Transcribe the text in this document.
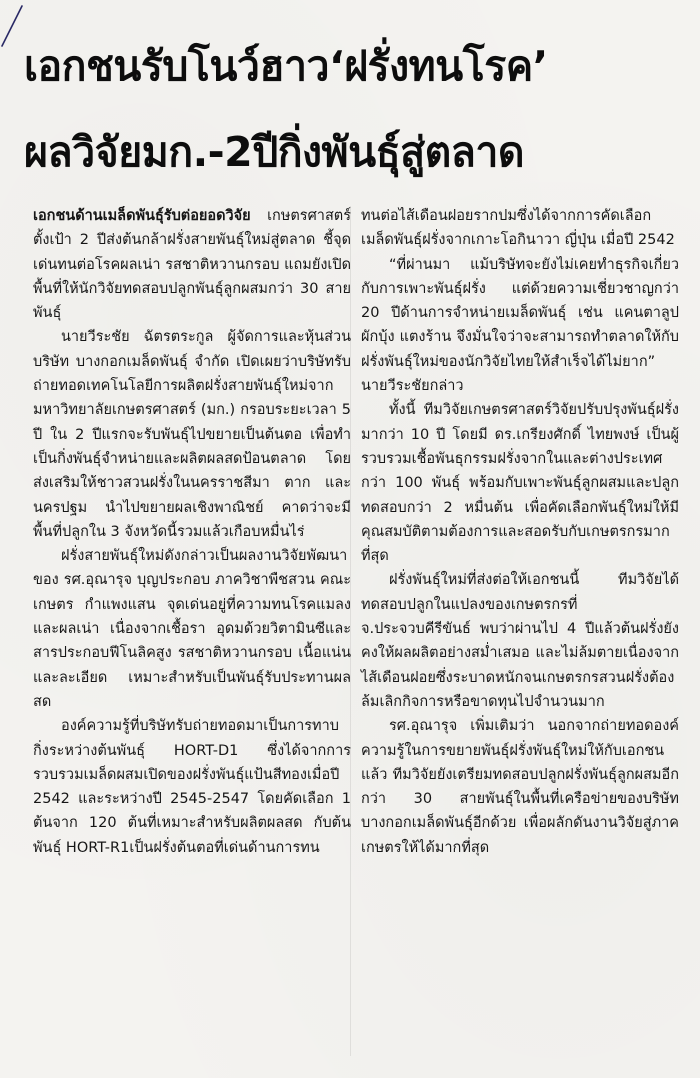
เอกชนรับโนว์ฮาว‘ฝรั่งทนโรค’
ผลวิจัยมก.-2ปีกิ่งพันธุ์สู่ตลาด

เอกชนด้านเมล็ดพันธุ์รับต่อยอดวิจัย เกษตรศาสตร์ ตั้งเป้า 2 ปีส่งต้นกล้าฝรั่งสายพันธุ์ใหม่สู่ตลาด ชี้จุดเด่นทนต่อโรคผลเน่า รสชาติหวานกรอบ แถมยังเปิดพื้นที่ให้นักวิจัยทดสอบปลูกพันธุ์ลูกผสมกว่า 30 สายพันธุ์

นายวีระชัย ฉัตรตระกูล ผู้จัดการและหุ้นส่วนบริษัท บางกอกเมล็ดพันธุ์ จำกัด เปิดเผยว่าบริษัทรับถ่ายทอดเทคโนโลยีการผลิตฝรั่งสายพันธุ์ใหม่จากมหาวิทยาลัยเกษตรศาสตร์ (มก.) กรอบระยะเวลา 5 ปี ใน 2 ปีแรกจะรับพันธุ์ไปขยายเป็นต้นตอ เพื่อทำเป็นกิ่งพันธุ์จำหน่ายและผลิตผลสดป้อนตลาด โดยส่งเสริมให้ชาวสวนฝรั่งในนครราชสีมา ตาก และนครปฐม นำไปขยายผลเชิงพาณิชย์ คาดว่าจะมีพื้นที่ปลูกใน 3 จังหวัดนี้รวมแล้วเกือบหมื่นไร่

ฝรั่งสายพันธุ์ใหม่ดังกล่าวเป็นผลงานวิจัยพัฒนาของ รศ.อุณารุจ บุญประกอบ ภาควิชาพืชสวน คณะเกษตร กำแพงแสน จุดเด่นอยู่ที่ความทนโรคแมลงและผลเน่า เนื่องจากเชื้อรา อุดมด้วยวิตามินซีและสารประกอบฟีโนลิคสูง รสชาติหวานกรอบ เนื้อแน่นและละเอียด เหมาะสำหรับเป็นพันธุ์รับประทานผลสด

องค์ความรู้ที่บริษัทรับถ่ายทอดมาเป็นการทาบกิ่งระหว่างต้นพันธุ์ HORT-D1 ซึ่งได้จากการรวบรวมเมล็ดผสมเปิดของฝรั่งพันธุ์แป้นสีทองเมื่อปี 2542 และระหว่างปี 2545-2547 โดยคัดเลือก 1 ต้นจาก 120 ต้นที่เหมาะสำหรับผลิตผลสด กับต้นพันธุ์ HORT-R1เป็นฝรั่งต้นตอที่เด่นด้านการทน

ทนต่อไส้เดือนฝอยรากปมซึ่งได้จากการคัดเลือกเมล็ดพันธุ์ฝรั่งจากเกาะโอกินาวา ญี่ปุ่น เมื่อปี 2542

“ที่ผ่านมา แม้บริษัทจะยังไม่เคยทำธุรกิจเกี่ยวกับการเพาะพันธุ์ฝรั่ง แต่ด้วยความเชี่ยวชาญกว่า 20 ปีด้านการจำหน่ายเมล็ดพันธุ์ เช่น แคนตาลูป ผักบุ้ง แตงร้าน จึงมั่นใจว่าจะสามารถทำตลาดให้กับฝรั่งพันธุ์ใหม่ของนักวิจัยไทยให้สำเร็จได้ไม่ยาก” นายวีระชัยกล่าว

ทั้งนี้ ทีมวิจัยเกษตรศาสตร์วิจัยปรับปรุงพันธุ์ฝรั่งมากว่า 10 ปี โดยมี ดร.เกรียงศักดิ์ ไทยพงษ์ เป็นผู้รวบรวมเชื้อพันธุกรรมฝรั่งจากในและต่างประเทศกว่า 100 พันธุ์ พร้อมกับเพาะพันธุ์ลูกผสมและปลูกทดสอบกว่า 2 หมื่นต้น เพื่อคัดเลือกพันธุ์ใหม่ให้มีคุณสมบัติตามต้องการและสอดรับกับเกษตรกรมากที่สุด

ฝรั่งพันธุ์ใหม่ที่ส่งต่อให้เอกชนนี้ ทีมวิจัยได้ทดสอบปลูกในแปลงของเกษตรกรที่ จ.ประจวบคีรีขันธ์ พบว่าผ่านไป 4 ปีแล้วต้นฝรั่งยังคงให้ผลผลิตอย่างสม่ำเสมอ และไม่ล้มตายเนื่องจากไส้เดือนฝอยซึ่งระบาดหนักจนเกษตรกรสวนฝรั่งต้องล้มเลิกกิจการหรือขาดทุนไปจำนวนมาก

รศ.อุณารุจ เพิ่มเติมว่า นอกจากถ่ายทอดองค์ความรู้ในการขยายพันธุ์ฝรั่งพันธุ์ใหม่ให้กับเอกชนแล้ว ทีมวิจัยยังเตรียมทดสอบปลูกฝรั่งพันธุ์ลูกผสมอีกกว่า 30 สายพันธุ์ในพื้นที่เครือข่ายของบริษัท บางกอกเมล็ดพันธุ์อีกด้วย เพื่อผลักดันงานวิจัยสู่ภาคเกษตรให้ได้มากที่สุด
